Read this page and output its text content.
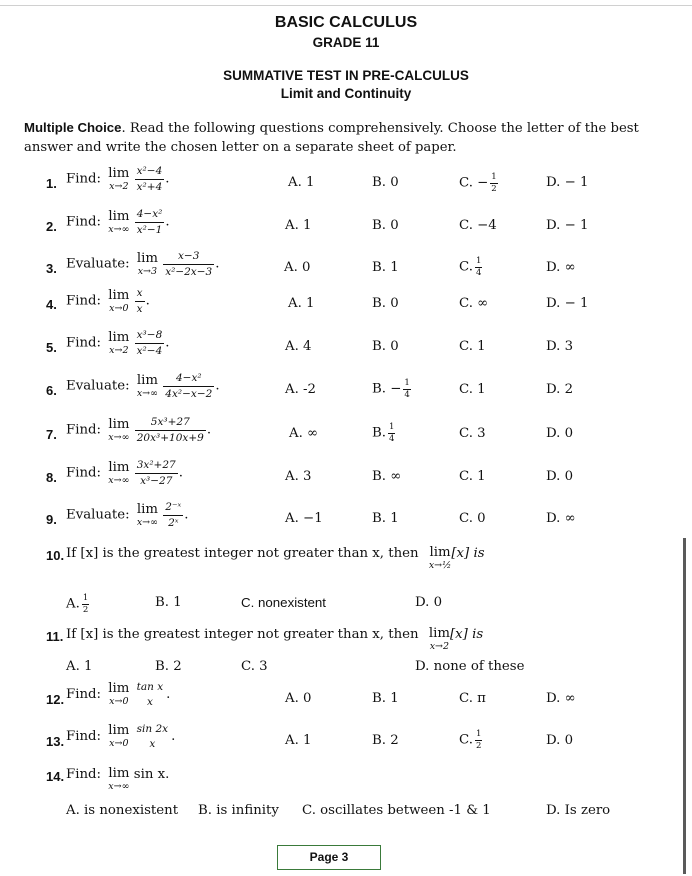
BASIC CALCULUS
GRADE 11
SUMMATIVE TEST IN PRE-CALCULUS
Limit and Continuity
Multiple Choice. Read the following questions comprehensively. Choose the letter of the best answer and write the chosen letter on a separate sheet of paper.
1. Find: lim
x→2
$\frac{\text{x²−4}}{\text{x²+4}}$ .	A. 1	B. 0	C. − $\frac{1}{2}$	D. − 1
2. Find: lim
x→∞
$\frac{\text{4−x²}}{\text{x²−1}}$ .	A. 1	B. 0	C. −4	D. − 1
3. Evaluate: lim
x→3
$\frac{x-3}{\text{x²−2x−3}}$ .	A. 0	B. 1	C. $\frac{1}{4}$	D. ∞
4. Find: lim
x→0
$\frac{x}{x}$ .	A. 1	B. 0	C. ∞	D. − 1
5. Find: lim
x→2
$\frac{\text{x³−8}}{\text{x²−4}}$ .	A. 4	B. 0	C. 1	D. 3
6. Evaluate: lim
x→∞
$\frac{\text{4−x²}}{\text{4x²−x−2}}$ .	A. -2	B. − $\frac{1}{4}$	C. 1	D. 2
7. Find: lim
x→∞
$\frac{\text{5x³+27}}{\text{20x³+10x+9}}$ .	A. ∞	B. $\frac{1}{4}$	C. 3	D. 0
8. Find: lim
x→∞
$\frac{\text{3x²+27}}{\text{x³−27}}$ .	A. 3	B. ∞	C. 1	D. 0
9. Evaluate: lim
x→∞
$\frac{\text{2⁻ˣ}}{\text{2ˣ}}$ .	A. −1	B. 1	C. 0	D. ∞
10. If [x] is the greatest integer not greater than x, then lim
x→½
[x] is
A. $\frac{1}{2}$	B. 1	C. nonexistent	D. 0
11. If [x] is the greatest integer not greater than x, then lim
x→2
[x] is
A. 1	B. 2	C. 3	D. none of these
12. Find: lim
x→0

tan x
x .	A. 0	B. 1	C. π	D. ∞
13. Find: lim
x→0

sin 2x
x	.	A. 1	B. 2	C. $\frac{1}{2}$	D. 0
14. Find: lim
x→∞
sin x.
A. is nonexistent B. is infinity C. oscillates between -1 & 1	D. Is zero
Page 3
